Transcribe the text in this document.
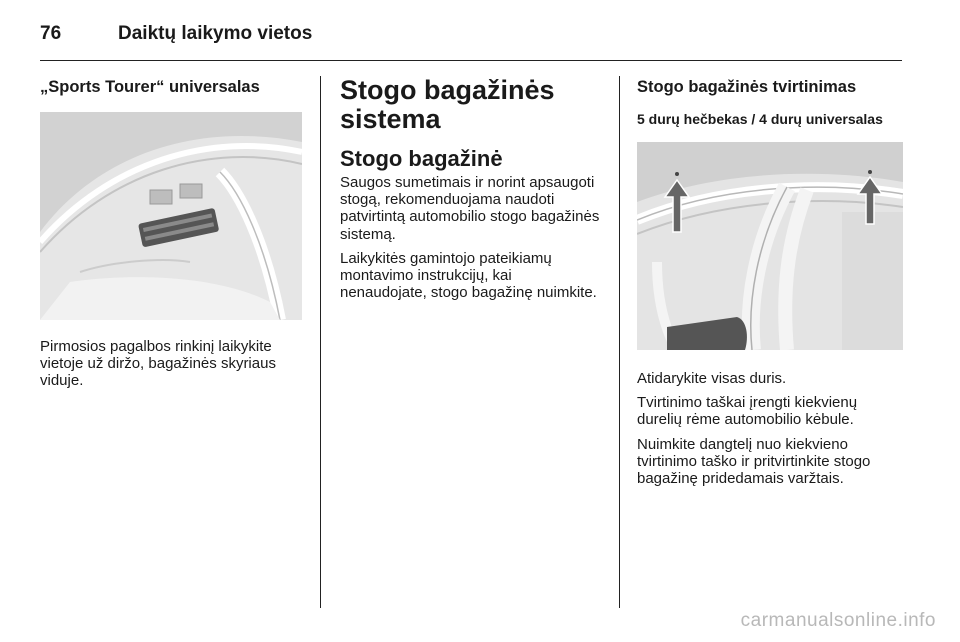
76	Daiktų laikymo vietos
„Sports Tourer“ universalas

Pirmosios pagalbos rinkinį laikykite vietoje už diržo, bagažinės skyriaus viduje.

Stogo bagažinės sistema
Stogo bagažinė

Saugos sumetimais ir norint apsaugoti stogą, rekomenduojama naudoti patvirtintą automobilio stogo bagažinės sistemą.

Laikykitės gamintojo pateikiamų montavimo instrukcijų, kai nenaudojate, stogo bagažinę nuimkite.

Stogo bagažinės tvirtinimas
5 durų hečbekas / 4 durų universalas

Atidarykite visas duris.

Tvirtinimo taškai įrengti kiekvienų durelių rėme automobilio kėbule.

Nuimkite dangtelį nuo kiekvieno tvirtinimo taško ir pritvirtinkite stogo bagažinę pridedamais varžtais.

carmanualsonline.info
